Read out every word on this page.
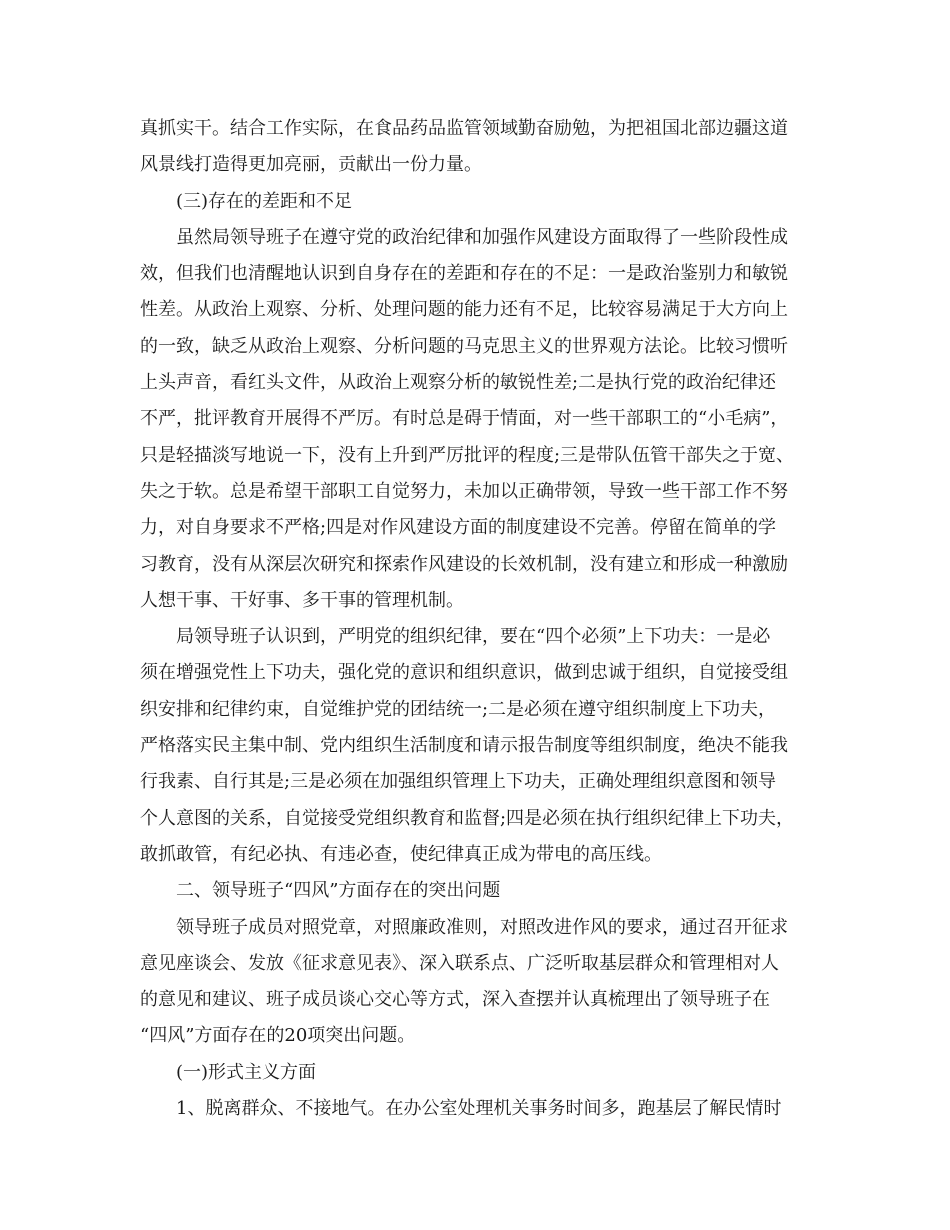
真抓实干。结合工作实际，在食品药品监管领域勤奋励勉，为把祖国北部边疆这道
风景线打造得更加亮丽，贡献出一份力量。
(三)存在的差距和不足
虽然局领导班子在遵守党的政治纪律和加强作风建设方面取得了一些阶段性成
效，但我们也清醒地认识到自身存在的差距和存在的不足：一是政治鉴别力和敏锐
性差。从政治上观察、分析、处理问题的能力还有不足，比较容易满足于大方向上
的一致，缺乏从政治上观察、分析问题的马克思主义的世界观方法论。比较习惯听
上头声音，看红头文件，从政治上观察分析的敏锐性差;二是执行党的政治纪律还
不严，批评教育开展得不严厉。有时总是碍于情面，对一些干部职工的“小毛病”，
只是轻描淡写地说一下，没有上升到严厉批评的程度;三是带队伍管干部失之于宽、
失之于软。总是希望干部职工自觉努力，未加以正确带领，导致一些干部工作不努
力，对自身要求不严格;四是对作风建设方面的制度建设不完善。停留在简单的学
习教育，没有从深层次研究和探索作风建设的长效机制，没有建立和形成一种激励
人想干事、干好事、多干事的管理机制。
局领导班子认识到，严明党的组织纪律，要在“四个必须”上下功夫：一是必
须在增强党性上下功夫，强化党的意识和组织意识，做到忠诚于组织，自觉接受组
织安排和纪律约束，自觉维护党的团结统一;二是必须在遵守组织制度上下功夫，
严格落实民主集中制、党内组织生活制度和请示报告制度等组织制度，绝决不能我
行我素、自行其是;三是必须在加强组织管理上下功夫，正确处理组织意图和领导
个人意图的关系，自觉接受党组织教育和监督;四是必须在执行组织纪律上下功夫，
敢抓敢管，有纪必执、有违必查，使纪律真正成为带电的高压线。
二、领导班子“四风”方面存在的突出问题
领导班子成员对照党章，对照廉政准则，对照改进作风的要求，通过召开征求
意见座谈会、发放《征求意见表》、深入联系点、广泛听取基层群众和管理相对人
的意见和建议、班子成员谈心交心等方式，深入查摆并认真梳理出了领导班子在
“四风”方面存在的20项突出问题。
(一)形式主义方面
1、脱离群众、不接地气。在办公室处理机关事务时间多，跑基层了解民情时
